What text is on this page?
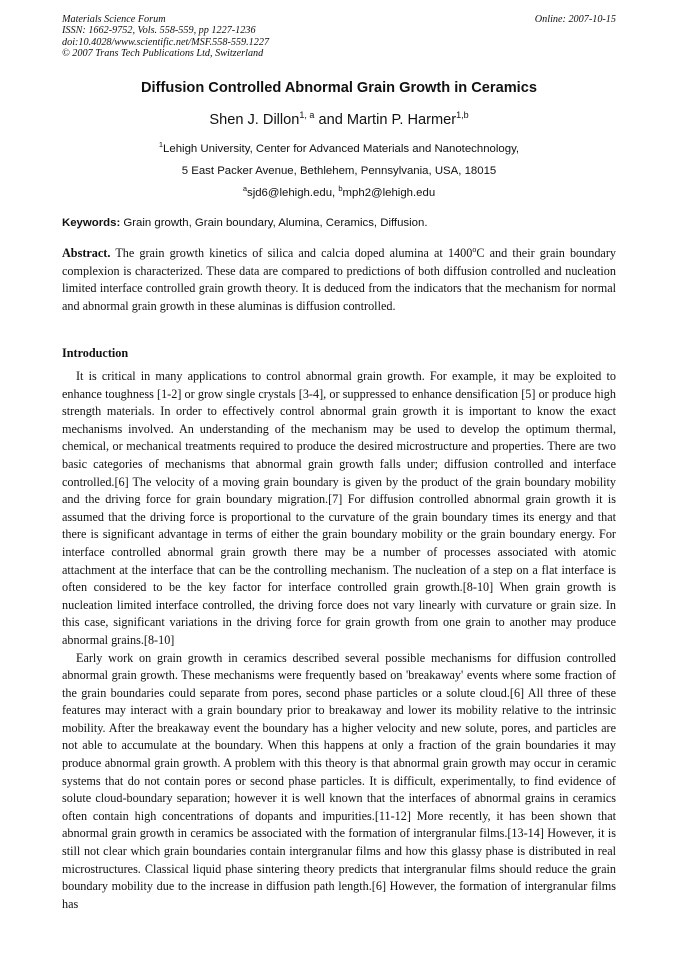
Materials Science Forum	Online: 2007-10-15
ISSN: 1662-9752, Vols. 558-559, pp 1227-1236
doi:10.4028/www.scientific.net/MSF.558-559.1227
© 2007 Trans Tech Publications Ltd, Switzerland
Diffusion Controlled Abnormal Grain Growth in Ceramics
Shen J. Dillon$^{1, a}$ and Martin P. Harmer$^{1,b}$
$^1$Lehigh University, Center for Advanced Materials and Nanotechnology,
5 East Packer Avenue, Bethlehem, Pennsylvania, USA, 18015
$^a$sjd6@lehigh.edu, $^b$mph2@lehigh.edu
Keywords: Grain growth, Grain boundary, Alumina, Ceramics, Diffusion.
Abstract. The grain growth kinetics of silica and calcia doped alumina at 1400$^o$C and their grain boundary complexion is characterized. These data are compared to predictions of both diffusion controlled and nucleation limited interface controlled grain growth theory. It is deduced from the indicators that the mechanism for normal and abnormal grain growth in these aluminas is diffusion controlled.
Introduction

It is critical in many applications to control abnormal grain growth. For example, it may be exploited to enhance toughness [1-2] or grow single crystals [3-4], or suppressed to enhance densification [5] or produce high strength materials. In order to effectively control abnormal grain growth it is important to know the exact mechanisms involved. An understanding of the mechanism may be used to develop the optimum thermal, chemical, or mechanical treatments required to produce the desired microstructure and properties. There are two basic categories of mechanisms that abnormal grain growth falls under; diffusion controlled and interface controlled.[6] The velocity of a moving grain boundary is given by the product of the grain boundary mobility and the driving force for grain boundary migration.[7] For diffusion controlled abnormal grain growth it is assumed that the driving force is proportional to the curvature of the grain boundary times its energy and that there is significant advantage in terms of either the grain boundary mobility or the grain boundary energy. For interface controlled abnormal grain growth there may be a number of processes associated with atomic attachment at the interface that can be the controlling mechanism. The nucleation of a step on a flat interface is often considered to be the key factor for interface controlled grain growth.[8-10] When grain growth is nucleation limited interface controlled, the driving force does not vary linearly with curvature or grain size. In this case, significant variations in the driving force for grain growth from one grain to another may produce abnormal grains.[8-10]

Early work on grain growth in ceramics described several possible mechanisms for diffusion controlled abnormal grain growth. These mechanisms were frequently based on 'breakaway' events where some fraction of the grain boundaries could separate from pores, second phase particles or a solute cloud.[6] All three of these features may interact with a grain boundary prior to breakaway and lower its mobility relative to the intrinsic mobility. After the breakaway event the boundary has a higher velocity and new solute, pores, and particles are not able to accumulate at the boundary. When this happens at only a fraction of the grain boundaries it may produce abnormal grain growth. A problem with this theory is that abnormal grain growth may occur in ceramic systems that do not contain pores or second phase particles. It is difficult, experimentally, to find evidence of solute cloud-boundary separation; however it is well known that the interfaces of abnormal grains in ceramics often contain high concentrations of dopants and impurities.[11-12] More recently, it has been shown that abnormal grain growth in ceramics be associated with the formation of intergranular films.[13-14] However, it is still not clear which grain boundaries contain intergranular films and how this glassy phase is distributed in real microstructures. Classical liquid phase sintering theory predicts that intergranular films should reduce the grain boundary mobility due to the increase in diffusion path length.[6] However, the formation of intergranular films has
